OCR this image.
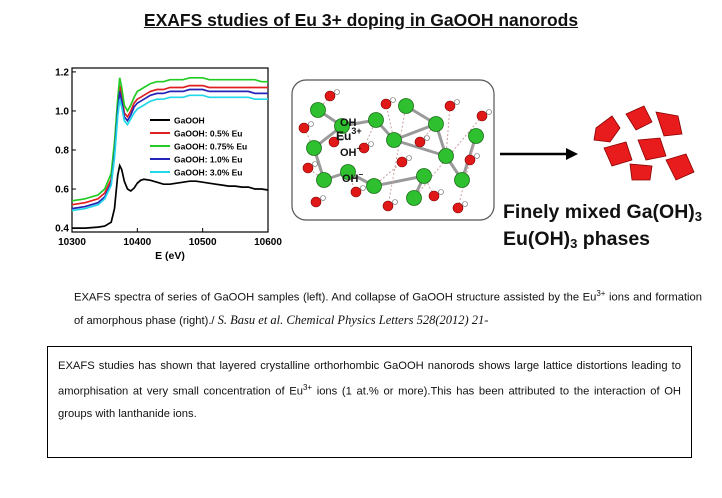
EXAFS studies of Eu 3+ doping in GaOOH nanorods
10300	10400	10500	10600
0.4
0.6
0.8
1.0
1.2
E (eV)
GaOOH
GaOOH: 0.5% Eu
GaOOH: 0.75% Eu
GaOOH: 1.0% Eu
GaOOH: 3.0% Eu
OH−
$Eu^{3+}$
OH
OH−
Finely mixed $Ga(OH)_3$
$Eu(OH)_3$ phases
EXAFS spectra of series of GaOOH samples (left). And collapse of GaOOH structure assisted by the $Eu^{3+}$ ions and formation of amorphous phase (right)./ S. Basu et al. Chemical Physics Letters 528(2012) 21-

EXAFS studies has shown that layered crystalline orthorhombic GaOOH nanorods shows large lattice distortions leading to amorphisation at very small concentration of $Eu^{3+}$ ions (1 at.% or more).This has been attributed to the interaction of OH groups with lanthanide ions.
